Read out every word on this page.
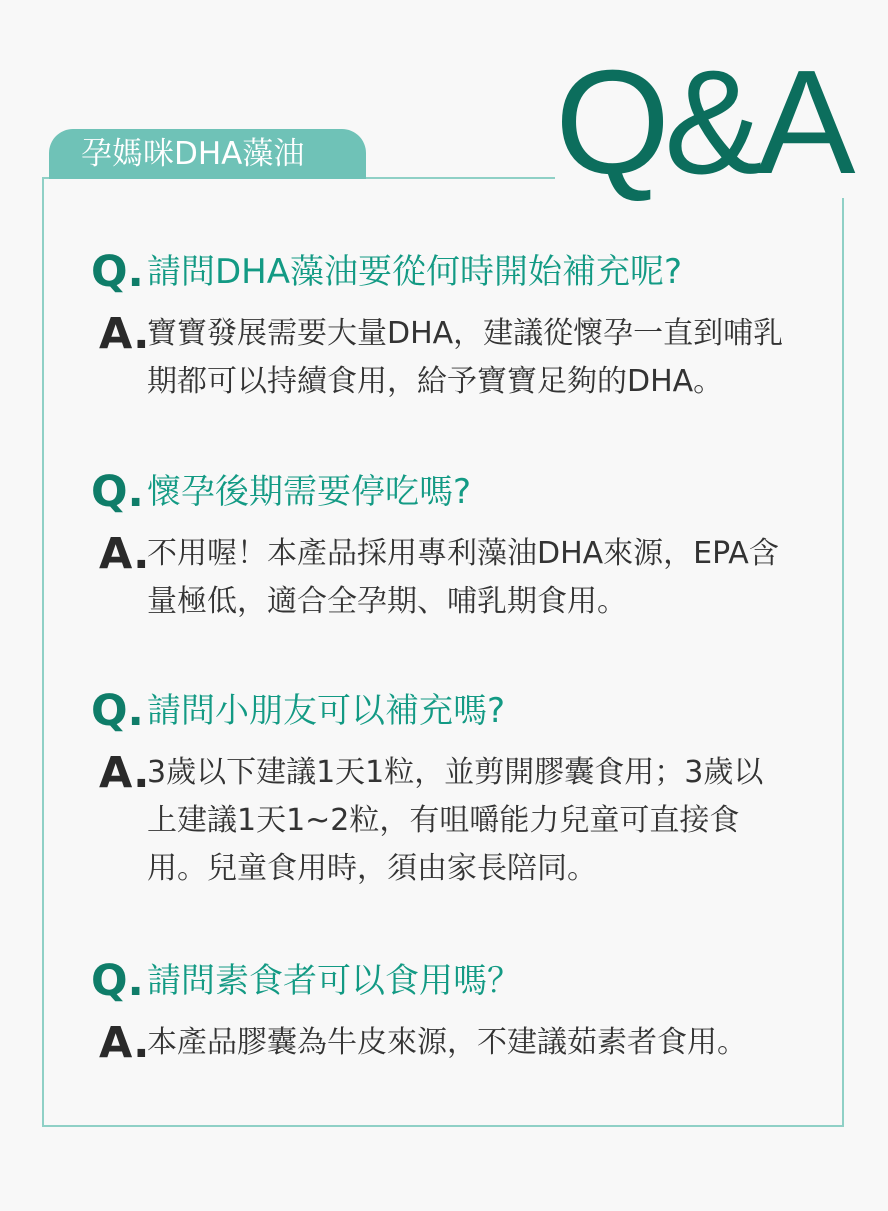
孕媽咪DHA藻油	Q&A
Q. 請問DHA藻油要從何時開始補充呢?
A.
寶寶發展需要大量DHA，建議從懷孕一直到哺乳期都可以持續食用，給予寶寶足夠的DHA。
Q. 懷孕後期需要停吃嗎?
A.
不用喔！本產品採用專利藻油DHA來源，EPA含量極低，適合全孕期、哺乳期食用。
Q. 請問小朋友可以補充嗎?
A.
3歲以下建議1天1粒，並剪開膠囊食用；3歲以上建議1天1~2粒，有咀嚼能力兒童可直接食用。兒童食用時，須由家長陪同。
Q. 請問素食者可以食用嗎？
A.
本產品膠囊為牛皮來源，不建議茹素者食用。
